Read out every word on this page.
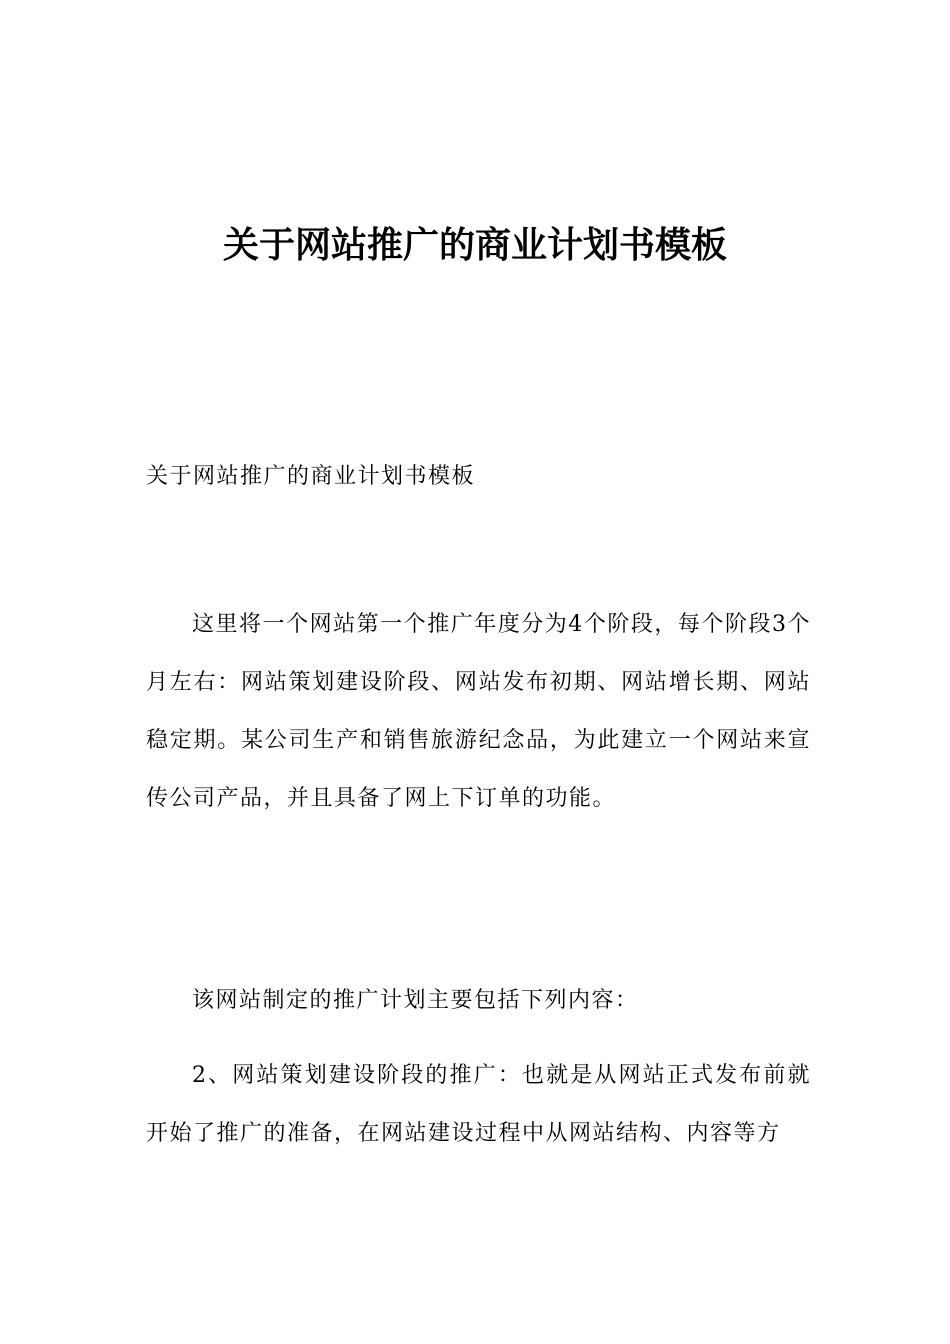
关于网站推广的商业计划书模板
关于网站推广的商业计划书模板
这里将一个网站第一个推广年度分为4个阶段，每个阶段3个月左右：网站策划建设阶段、网站发布初期、网站增长期、网站稳定期。某公司生产和销售旅游纪念品，为此建立一个网站来宣传公司产品，并且具备了网上下订单的功能。
该网站制定的推广计划主要包括下列内容：
2、网站策划建设阶段的推广：也就是从网站正式发布前就开始了推广的准备，在网站建设过程中从网站结构、内容等方
